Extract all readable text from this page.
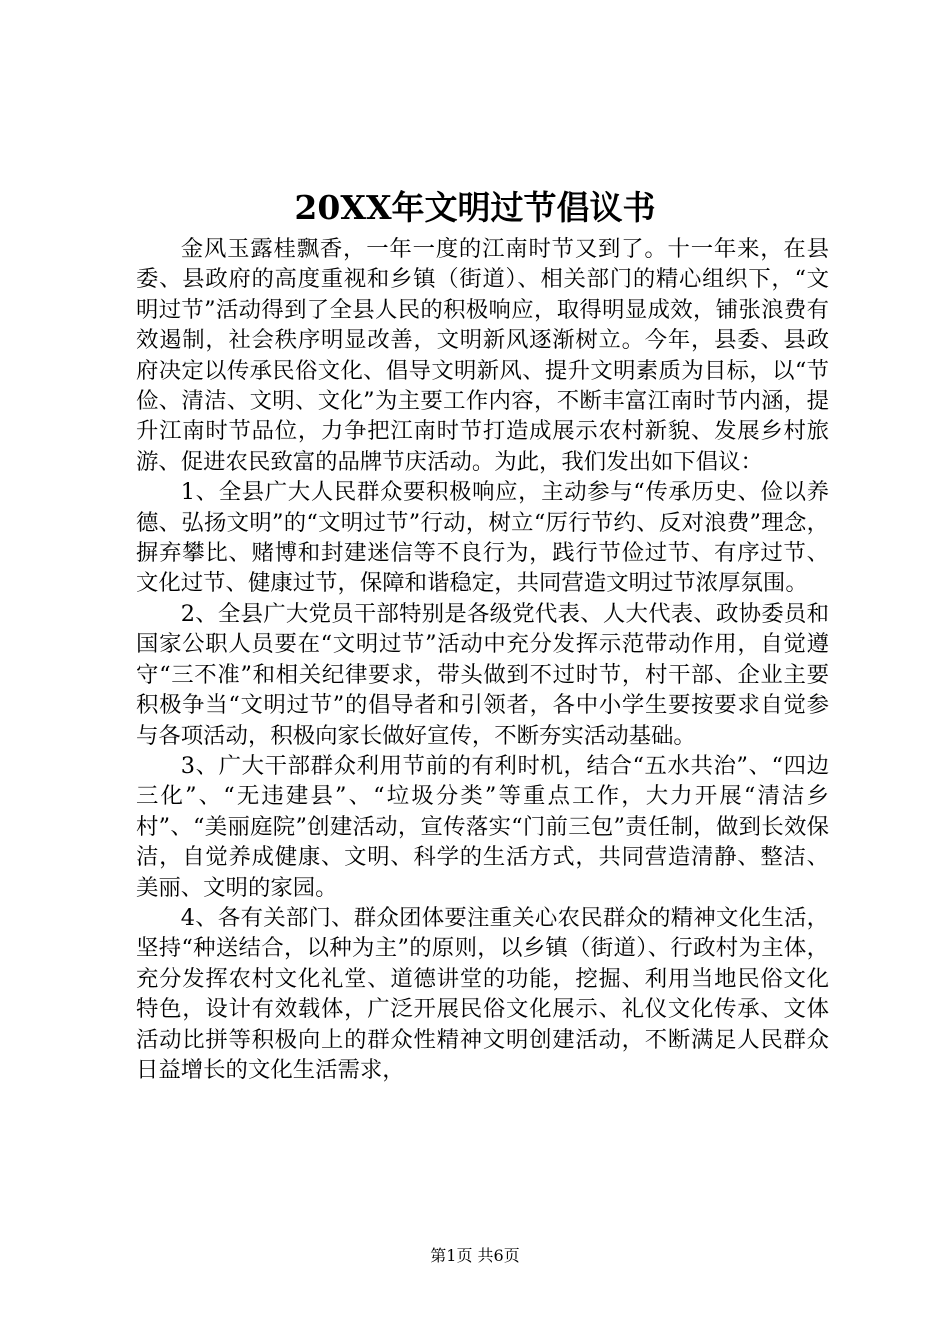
20XX年文明过节倡议书

金风玉露桂飘香，一年一度的江南时节又到了。十一年来，在县委、县政府的高度重视和乡镇（街道）、相关部门的精心组织下，“文明过节”活动得到了全县人民的积极响应，取得明显成效，铺张浪费有效遏制，社会秩序明显改善，文明新风逐渐树立。今年，县委、县政府决定以传承民俗文化、倡导文明新风、提升文明素质为目标，以“节俭、清洁、文明、文化”为主要工作内容，不断丰富江南时节内涵，提升江南时节品位，力争把江南时节打造成展示农村新貌、发展乡村旅游、促进农民致富的品牌节庆活动。为此，我们发出如下倡议：

1、全县广大人民群众要积极响应，主动参与“传承历史、俭以养德、弘扬文明”的“文明过节”行动，树立“厉行节约、反对浪费”理念，摒弃攀比、赌博和封建迷信等不良行为，践行节俭过节、有序过节、文化过节、健康过节，保障和谐稳定，共同营造文明过节浓厚氛围。

2、全县广大党员干部特别是各级党代表、人大代表、政协委员和国家公职人员要在“文明过节”活动中充分发挥示范带动作用，自觉遵守“三不准”和相关纪律要求，带头做到不过时节，村干部、企业主要积极争当“文明过节”的倡导者和引领者，各中小学生要按要求自觉参与各项活动，积极向家长做好宣传，不断夯实活动基础。

3、广大干部群众利用节前的有利时机，结合“五水共治”、“四边三化”、“无违建县”、“垃圾分类”等重点工作，大力开展“清洁乡村”、“美丽庭院”创建活动，宣传落实“门前三包”责任制，做到长效保洁，自觉养成健康、文明、科学的生活方式，共同营造清静、整洁、美丽、文明的家园。

4、各有关部门、群众团体要注重关心农民群众的精神文化生活，坚持“种送结合，以种为主”的原则，以乡镇（街道）、行政村为主体，充分发挥农村文化礼堂、道德讲堂的功能，挖掘、利用当地民俗文化特色，设计有效载体，广泛开展民俗文化展示、礼仪文化传承、文体活动比拼等积极向上的群众性精神文明创建活动，不断满足人民群众日益增长的文化生活需求，

第1页 共6页
